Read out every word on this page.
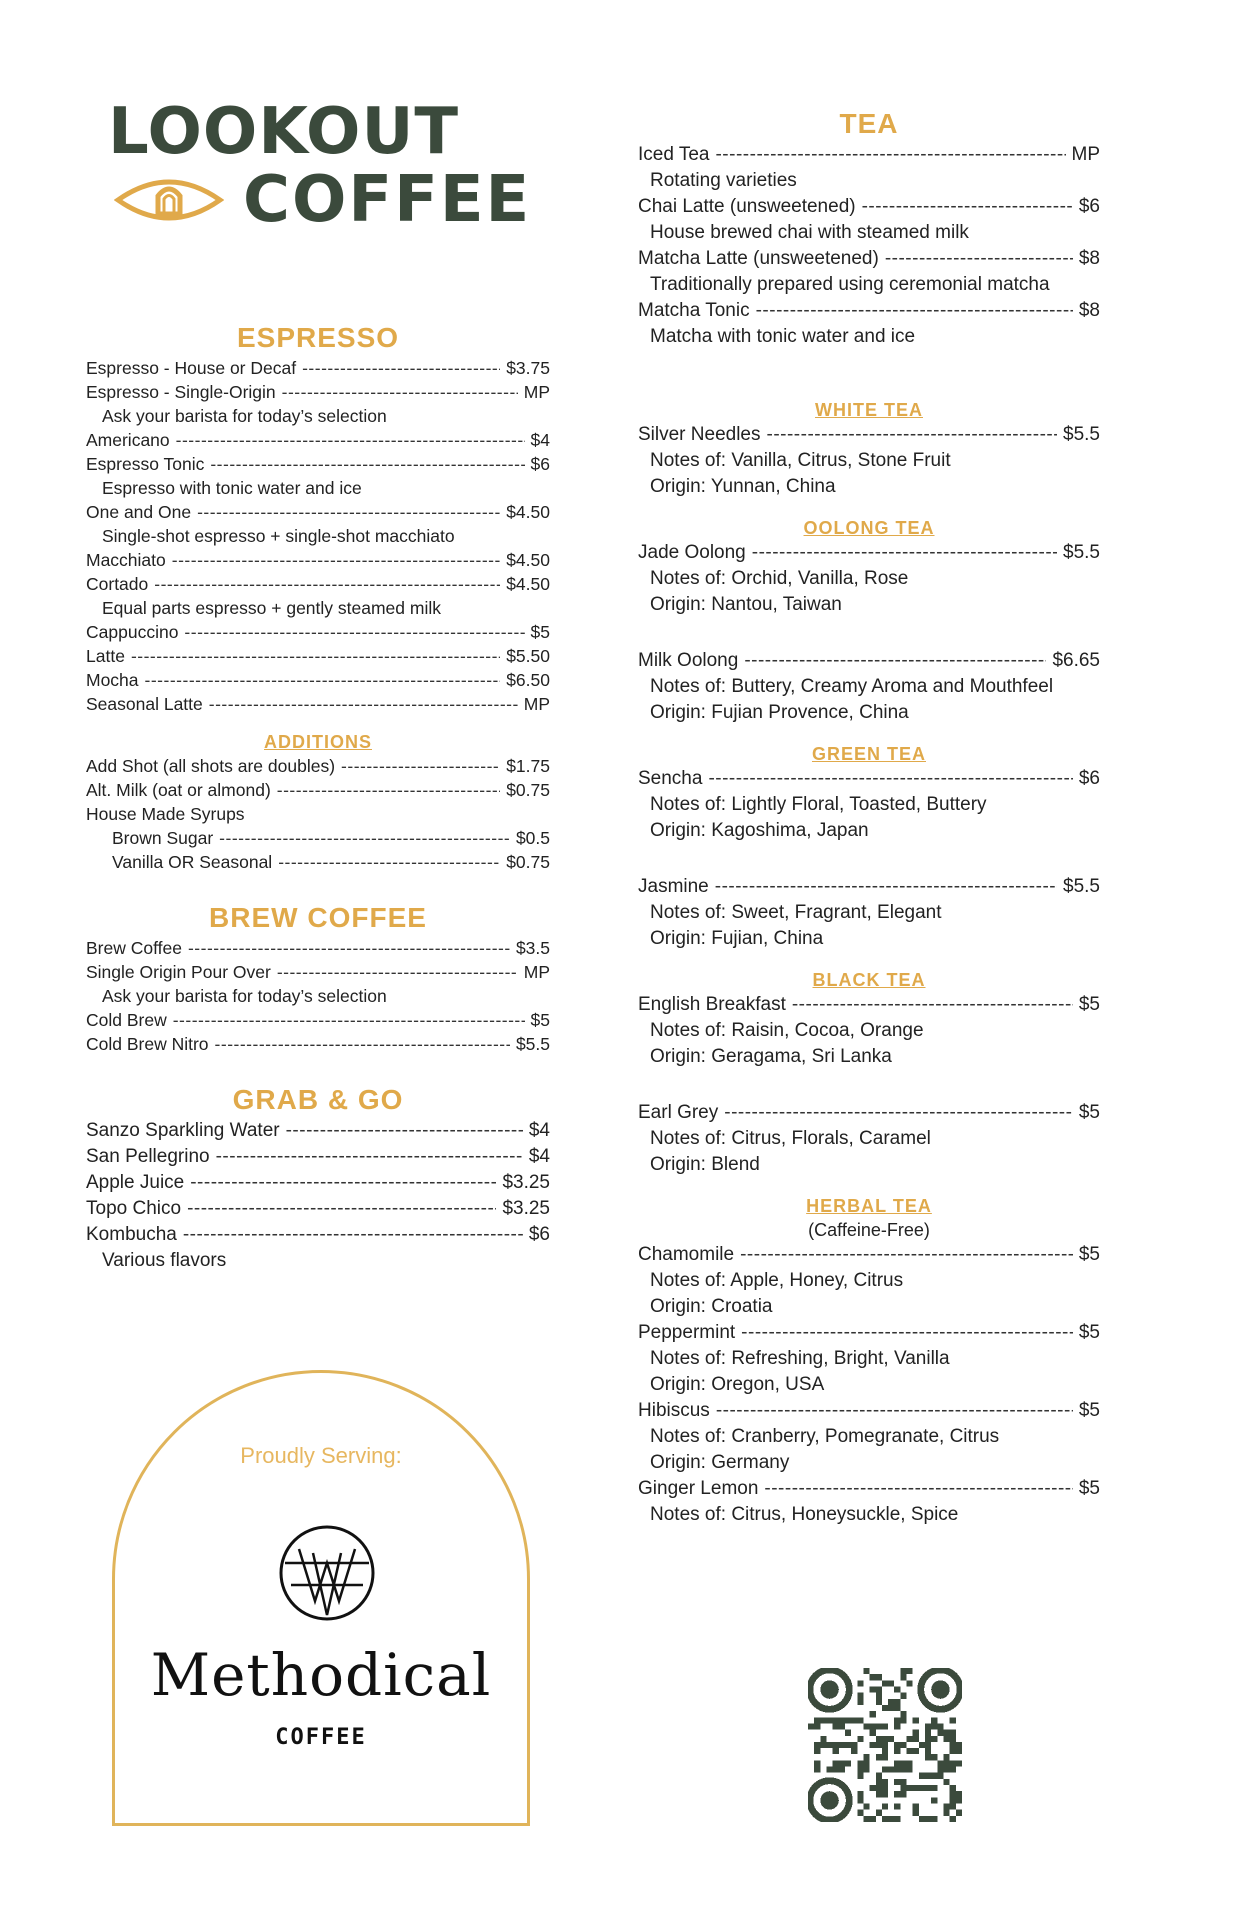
LOOKOUT
COFFEE
ESPRESSO
Espresso - House or Decaf -----	$3.75
Espresso - Single-Origin -----	MP
Ask your barista for today’s selection
Americano -----	$4
Espresso Tonic -----	$6
Espresso with tonic water and ice
One and One -----	$4.50
Single-shot espresso + single-shot macchiato
Macchiato -----	$4.50
Cortado -----	$4.50
Equal parts espresso + gently steamed milk
Cappuccino -----	$5
Latte -----	$5.50
Mocha -----	$6.50
Seasonal Latte -----	MP
ADDITIONS
Add Shot (all shots are doubles) -----	$1.75
Alt. Milk (oat or almond) -----	$0.75
House Made Syrups
Brown Sugar -----	$0.5
Vanilla OR Seasonal -----	$0.75
BREW COFFEE
Brew Coffee -----	$3.5
Single Origin Pour Over -----	MP
Ask your barista for today’s selection
Cold Brew -----	$5
Cold Brew Nitro -----	$5.5
GRAB & GO
Sanzo Sparkling Water -----	$4
San Pellegrino -----	$4
Apple Juice -----	$3.25
Topo Chico -----	$3.25
Kombucha -----	$6
Various flavors
Proudly Serving:
Methodical
COFFEE
TEA
Iced Tea -----	MP
Rotating varieties
Chai Latte (unsweetened) -----	$6
House brewed chai with steamed milk
Matcha Latte (unsweetened) -----	$8
Traditionally prepared using ceremonial matcha
Matcha Tonic -----	$8
Matcha with tonic water and ice
WHITE TEA
Silver Needles -----	$5.5
Notes of: Vanilla, Citrus, Stone Fruit
Origin: Yunnan, China
OOLONG TEA
Jade Oolong -----	$5.5
Notes of: Orchid, Vanilla, Rose
Origin: Nantou, Taiwan
Milk Oolong -----	$6.65
Notes of: Buttery, Creamy Aroma and Mouthfeel
Origin: Fujian Provence, China
GREEN TEA
Sencha -----	$6
Notes of: Lightly Floral, Toasted, Buttery
Origin: Kagoshima, Japan
Jasmine -----	$5.5
Notes of: Sweet, Fragrant, Elegant
Origin: Fujian, China
BLACK TEA
English Breakfast -----	$5
Notes of: Raisin, Cocoa, Orange
Origin: Geragama, Sri Lanka
Earl Grey -----	$5
Notes of: Citrus, Florals, Caramel
Origin: Blend
HERBAL TEA

(Caffeine-Free)

Chamomile -----	$5
Notes of: Apple, Honey, Citrus
Origin: Croatia
Peppermint -----	$5
Notes of: Refreshing, Bright, Vanilla
Origin: Oregon, USA
Hibiscus -----	$5
Notes of: Cranberry, Pomegranate, Citrus
Origin: Germany
Ginger Lemon -----	$5
Notes of: Citrus, Honeysuckle, Spice
